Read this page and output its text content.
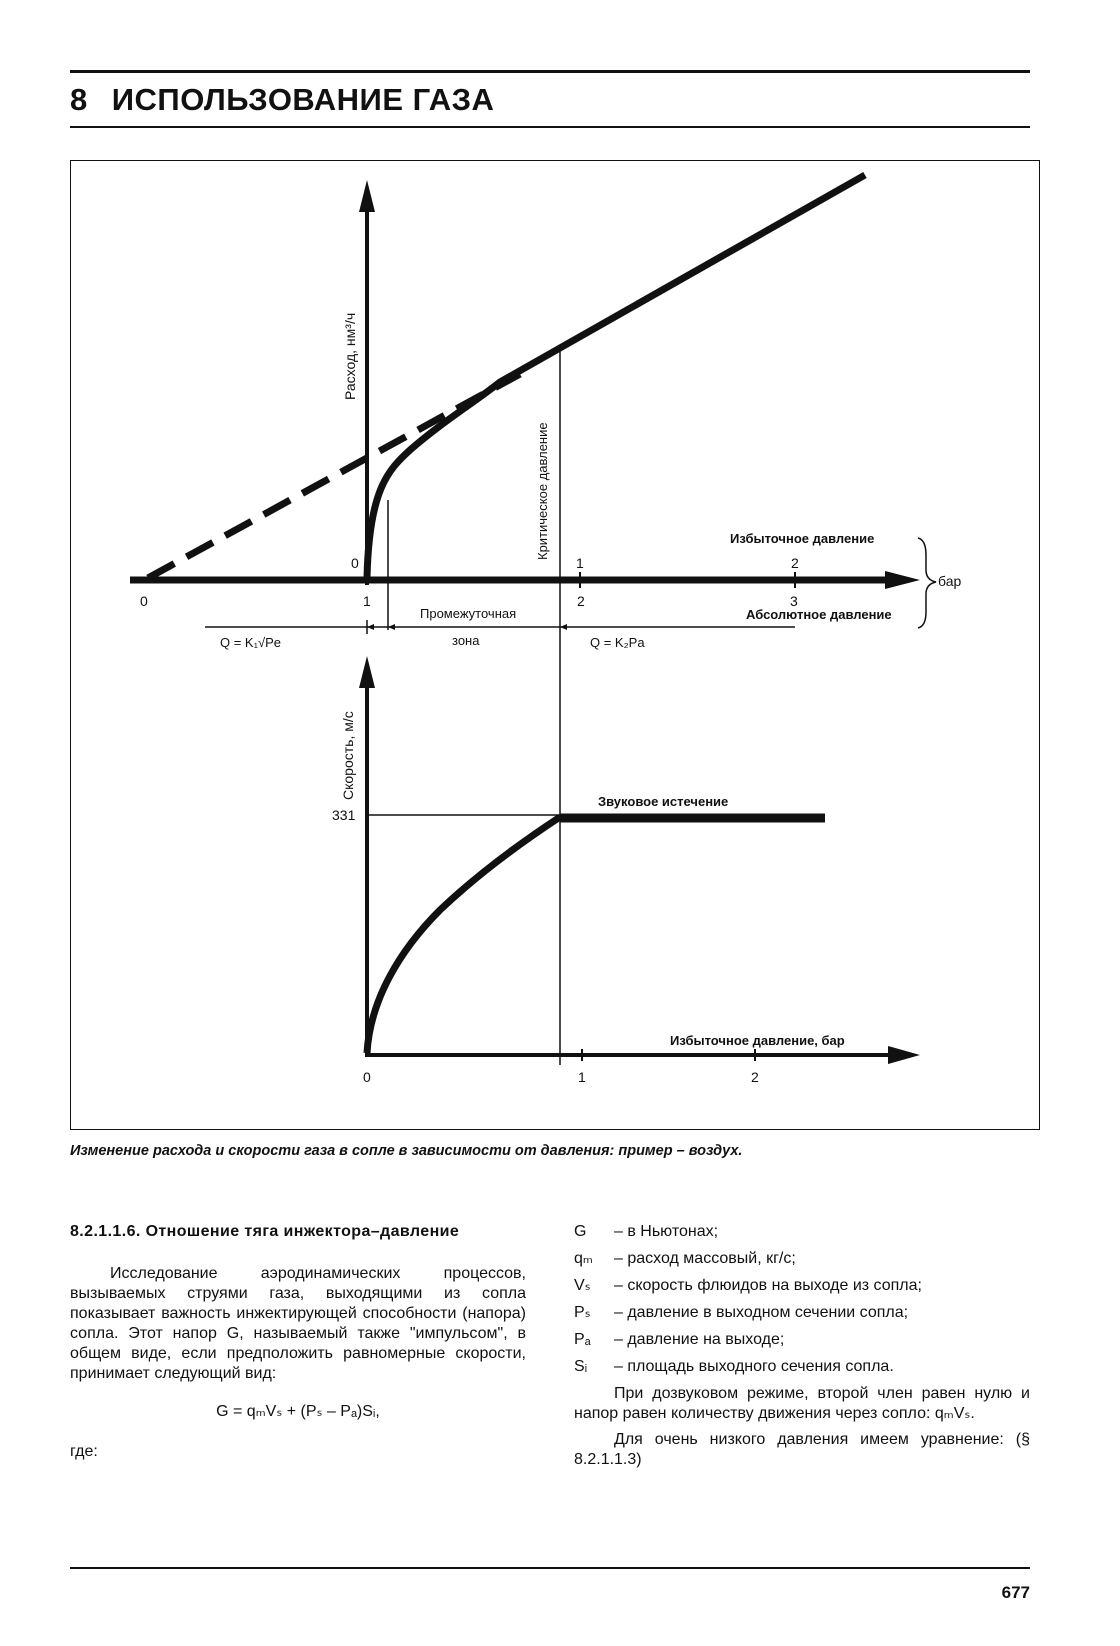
8 ИСПОЛЬЗОВАНИЕ ГАЗА
Расход, нм³/ч
Критическое давление	Избыточное давление
0	1	2
0	1	2	3
Абсолютное давление
бар
Q = K₁√Pe
Промежуточная
зона	Q = K₂Pa
331
Скорость, м/с
Звуковое истечение
Избыточное давление, бар
0	1	2
Изменение расхода и скорости газа в сопле в зависимости от давления: пример – воздух.
8.2.1.1.6. Отношение тяга инжектора–давление

Исследование аэродинамических процессов, вызываемых струями газа, выходящими из сопла показывает важность инжектирующей способности (напора) сопла. Этот напор G, называемый также "импульсом", в общем виде, если предположить равномерные скорости, принимает следующий вид:

G = qₘVₛ + (Pₛ – Pₐ)Sᵢ,
где:
G	– в Ньютонах;
qₘ	– расход массовый, кг/с;
Vₛ	– скорость флюидов на выходе из сопла;
Pₛ	– давление в выходном сечении сопла;
Pₐ	– давление на выходе;
Sᵢ	– площадь выходного сечения сопла.

При дозвуковом режиме, второй член равен нулю и напор равен количеству движения через сопло: qₘVₛ.

Для очень низкого давления имеем уравнение: (§ 8.2.1.1.3)

677
